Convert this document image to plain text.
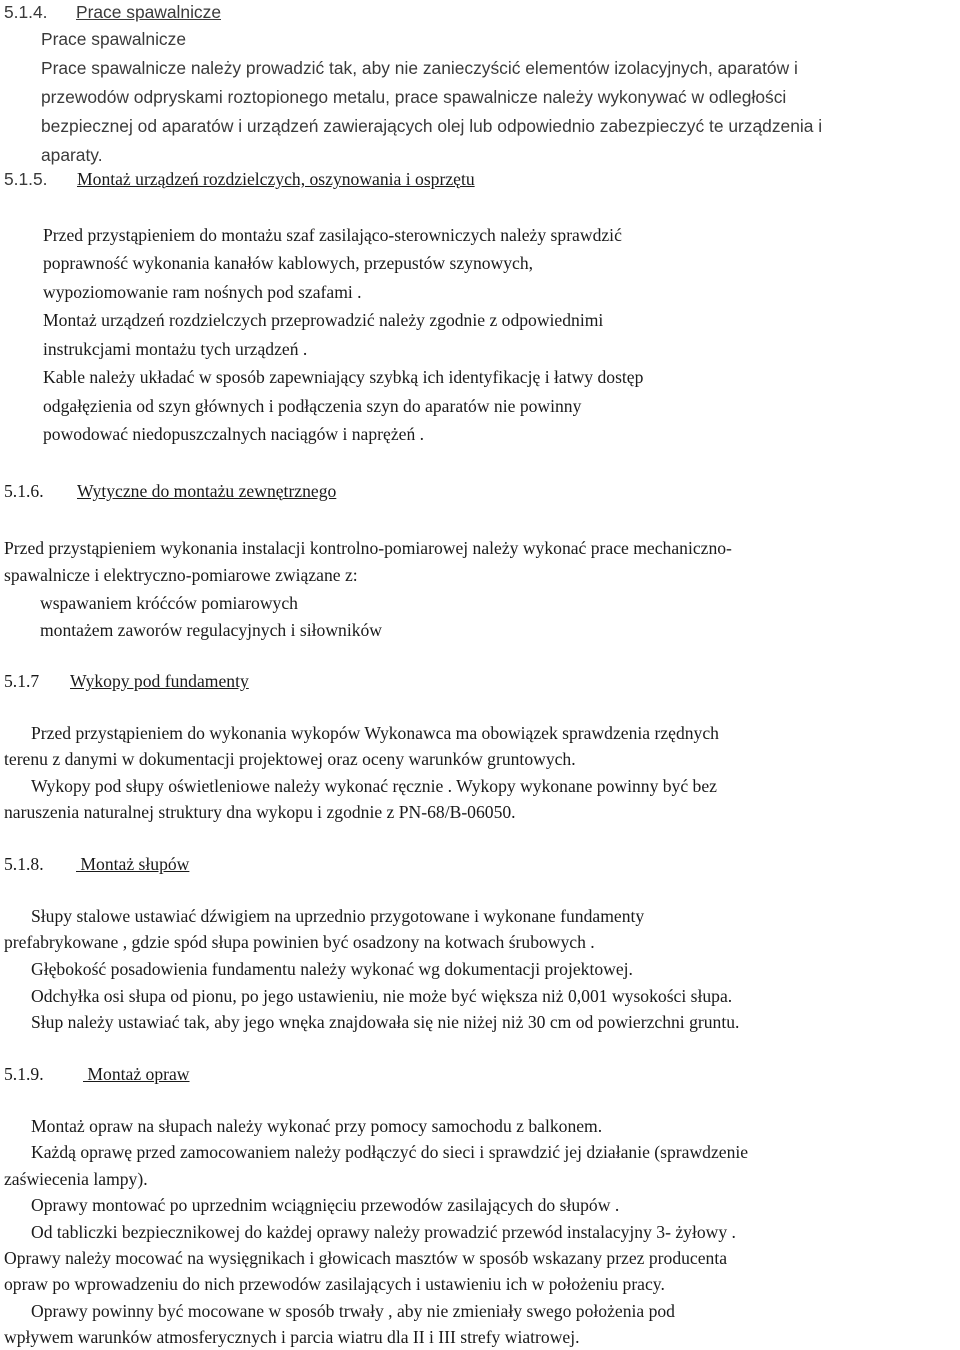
5.1.4. Prace spawalnicze
Prace spawalnicze
Prace spawalnicze należy prowadzić tak, aby nie zanieczyścić elementów izolacyjnych, aparatów i
przewodów odpryskami roztopionego metalu, prace spawalnicze należy wykonywać w odległości
bezpiecznej od aparatów i urządzeń zawierających olej lub odpowiednio zabezpieczyć te urządzenia i
aparaty.
5.1.5. Montaż urządzeń rozdzielczych, oszynowania i osprzętu
Przed przystąpieniem do montażu szaf zasilająco-sterowniczych należy sprawdzić
poprawność wykonania kanałów kablowych, przepustów szynowych,
wypoziomowanie ram nośnych pod szafami .
Montaż urządzeń rozdzielczych przeprowadzić należy zgodnie z odpowiednimi
instrukcjami montażu tych urządzeń .
Kable należy układać w sposób zapewniający szybką ich identyfikację i łatwy dostęp
odgałęzienia od szyn głównych i podłączenia szyn do aparatów nie powinny
powodować niedopuszczalnych naciągów i naprężeń .
5.1.6. Wytyczne do montażu zewnętrznego
Przed przystąpieniem wykonania instalacji kontrolno-pomiarowej należy wykonać prace mechaniczno-
spawalnicze i elektryczno-pomiarowe związane z:
wspawaniem króćców pomiarowych
montażem zaworów regulacyjnych i siłowników
5.1.7 Wykopy pod fundamenty
Przed przystąpieniem do wykonania wykopów Wykonawca ma obowiązek sprawdzenia rzędnych
terenu z danymi w dokumentacji projektowej oraz oceny warunków gruntowych.
Wykopy pod słupy oświetleniowe należy wykonać ręcznie . Wykopy wykonane powinny być bez
naruszenia naturalnej struktury dna wykopu i zgodnie z PN-68/B-06050.
5.1.8. Montaż słupów
Słupy stalowe ustawiać dźwigiem na uprzednio przygotowane i wykonane fundamenty
prefabrykowane , gdzie spód słupa powinien być osadzony na kotwach śrubowych .
Głębokość posadowienia fundamentu należy wykonać wg dokumentacji projektowej.
Odchyłka osi słupa od pionu, po jego ustawieniu, nie może być większa niż 0,001 wysokości słupa.
Słup należy ustawiać tak, aby jego wnęka znajdowała się nie niżej niż 30 cm od powierzchni gruntu.
5.1.9. Montaż opraw
Montaż opraw na słupach należy wykonać przy pomocy samochodu z balkonem.
Każdą oprawę przed zamocowaniem należy podłączyć do sieci i sprawdzić jej działanie (sprawdzenie
zaświecenia lampy).
Oprawy montować po uprzednim wciągnięciu przewodów zasilających do słupów .
Od tabliczki bezpiecznikowej do każdej oprawy należy prowadzić przewód instalacyjny 3- żyłowy .
Oprawy należy mocować na wysięgnikach i głowicach masztów w sposób wskazany przez producenta
opraw po wprowadzeniu do nich przewodów zasilających i ustawieniu ich w położeniu pracy.
Oprawy powinny być mocowane w sposób trwały , aby nie zmieniały swego położenia pod
wpływem warunków atmosferycznych i parcia wiatru dla II i III strefy wiatrowej.
